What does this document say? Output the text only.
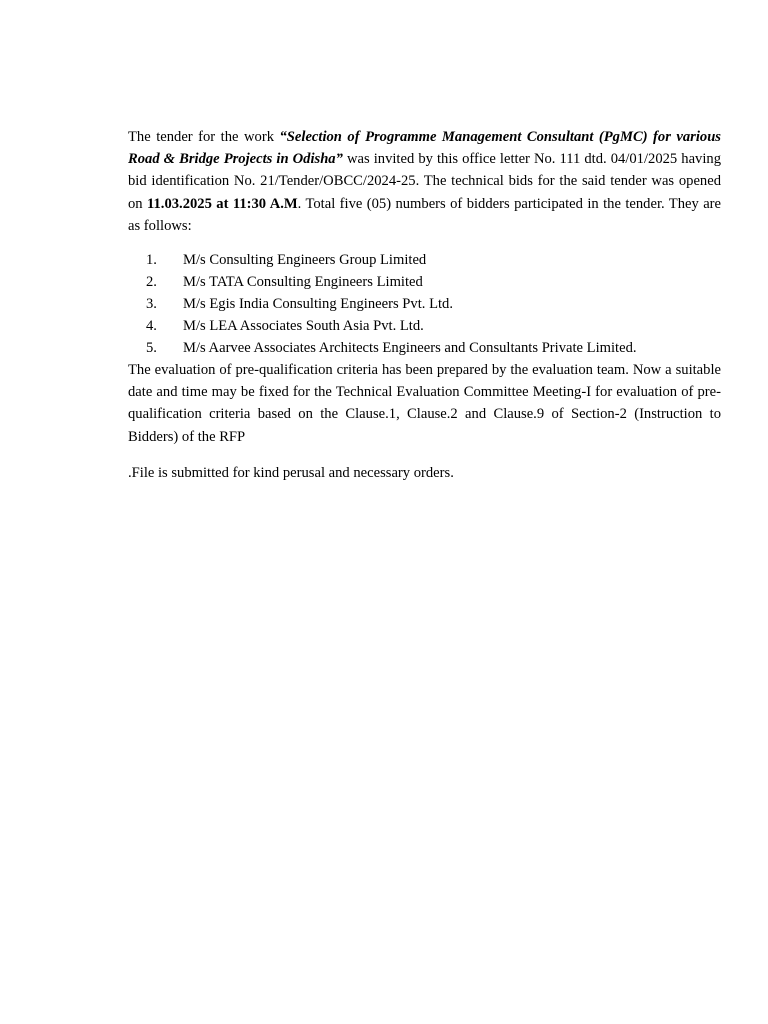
The tender for the work “Selection of Programme Management Consultant (PgMC) for various Road & Bridge Projects in Odisha” was invited by this office letter No. 111 dtd. 04/01/2025 having bid identification No. 21/Tender/OBCC/2024-25. The technical bids for the said tender was opened on 11.03.2025 at 11:30 A.M. Total five (05) numbers of bidders participated in the tender. They are as follows:

1. M/s Consulting Engineers Group Limited
2. M/s TATA Consulting Engineers Limited
3. M/s Egis India Consulting Engineers Pvt. Ltd.
4. M/s LEA Associates South Asia Pvt. Ltd.
5. M/s Aarvee Associates Architects Engineers and Consultants Private Limited.

The evaluation of pre-qualification criteria has been prepared by the evaluation team. Now a suitable date and time may be fixed for the Technical Evaluation Committee Meeting-I for evaluation of pre-qualification criteria based on the Clause.1, Clause.2 and Clause.9 of Section-2 (Instruction to Bidders) of the RFP

.File is submitted for kind perusal and necessary orders.
